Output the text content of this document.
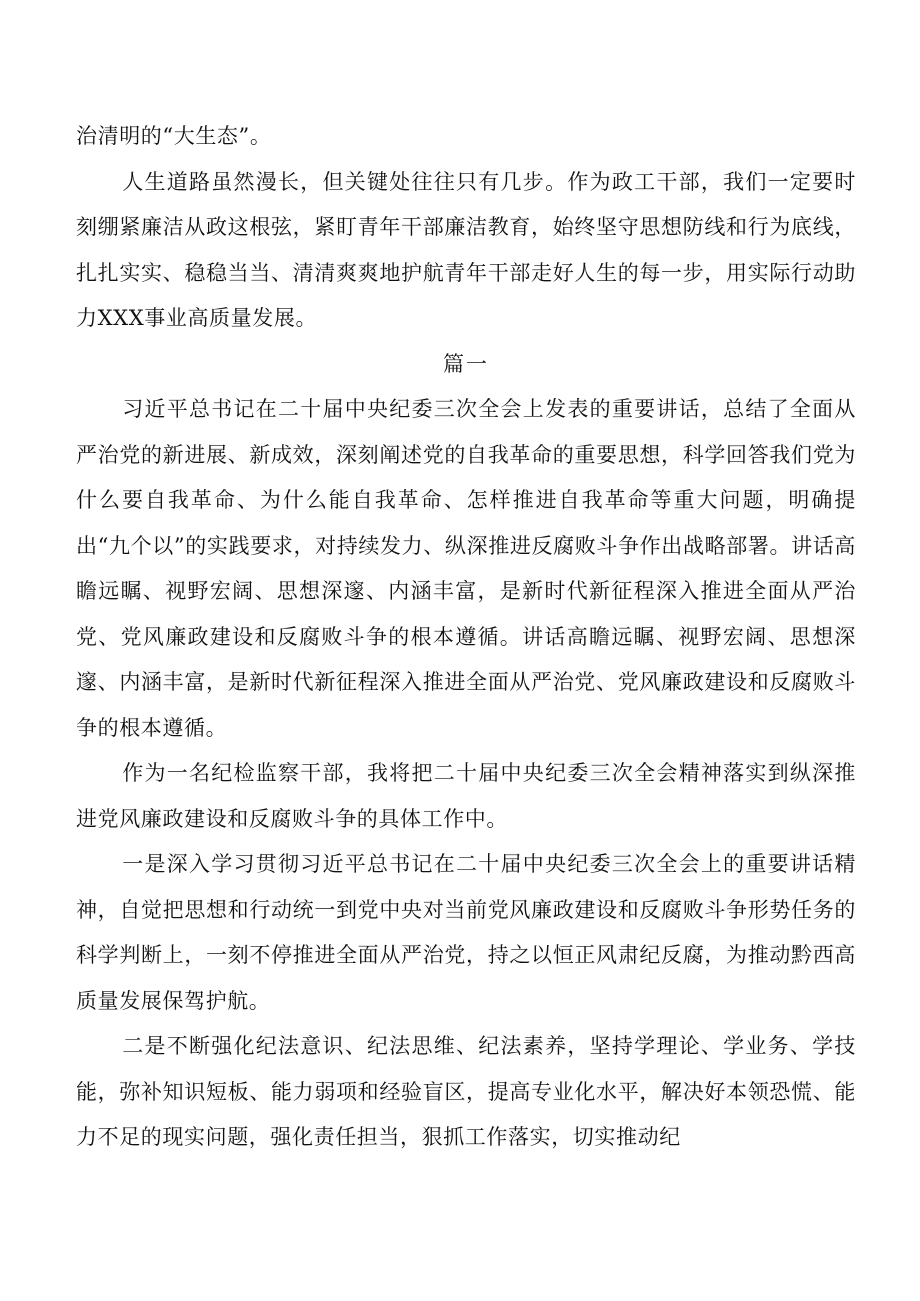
治清明的“大生态”。

人生道路虽然漫长，但关键处往往只有几步。作为政工干部，我们一定要时刻绷紧廉洁从政这根弦，紧盯青年干部廉洁教育，始终坚守思想防线和行为底线，扎扎实实、稳稳当当、清清爽爽地护航青年干部走好人生的每一步，用实际行动助力XXX事业高质量发展。

篇一

习近平总书记在二十届中央纪委三次全会上发表的重要讲话，总结了全面从严治党的新进展、新成效，深刻阐述党的自我革命的重要思想，科学回答我们党为什么要自我革命、为什么能自我革命、怎样推进自我革命等重大问题，明确提出“九个以”的实践要求，对持续发力、纵深推进反腐败斗争作出战略部署。讲话高瞻远瞩、视野宏阔、思想深邃、内涵丰富，是新时代新征程深入推进全面从严治党、党风廉政建设和反腐败斗争的根本遵循。讲话高瞻远瞩、视野宏阔、思想深邃、内涵丰富，是新时代新征程深入推进全面从严治党、党风廉政建设和反腐败斗争的根本遵循。

作为一名纪检监察干部，我将把二十届中央纪委三次全会精神落实到纵深推进党风廉政建设和反腐败斗争的具体工作中。

一是深入学习贯彻习近平总书记在二十届中央纪委三次全会上的重要讲话精神，自觉把思想和行动统一到党中央对当前党风廉政建设和反腐败斗争形势任务的科学判断上，一刻不停推进全面从严治党，持之以恒正风肃纪反腐，为推动黔西高质量发展保驾护航。

二是不断强化纪法意识、纪法思维、纪法素养，坚持学理论、学业务、学技能，弥补知识短板、能力弱项和经验盲区，提高专业化水平，解决好本领恐慌、能力不足的现实问题，强化责任担当，狠抓工作落实，切实推动纪
